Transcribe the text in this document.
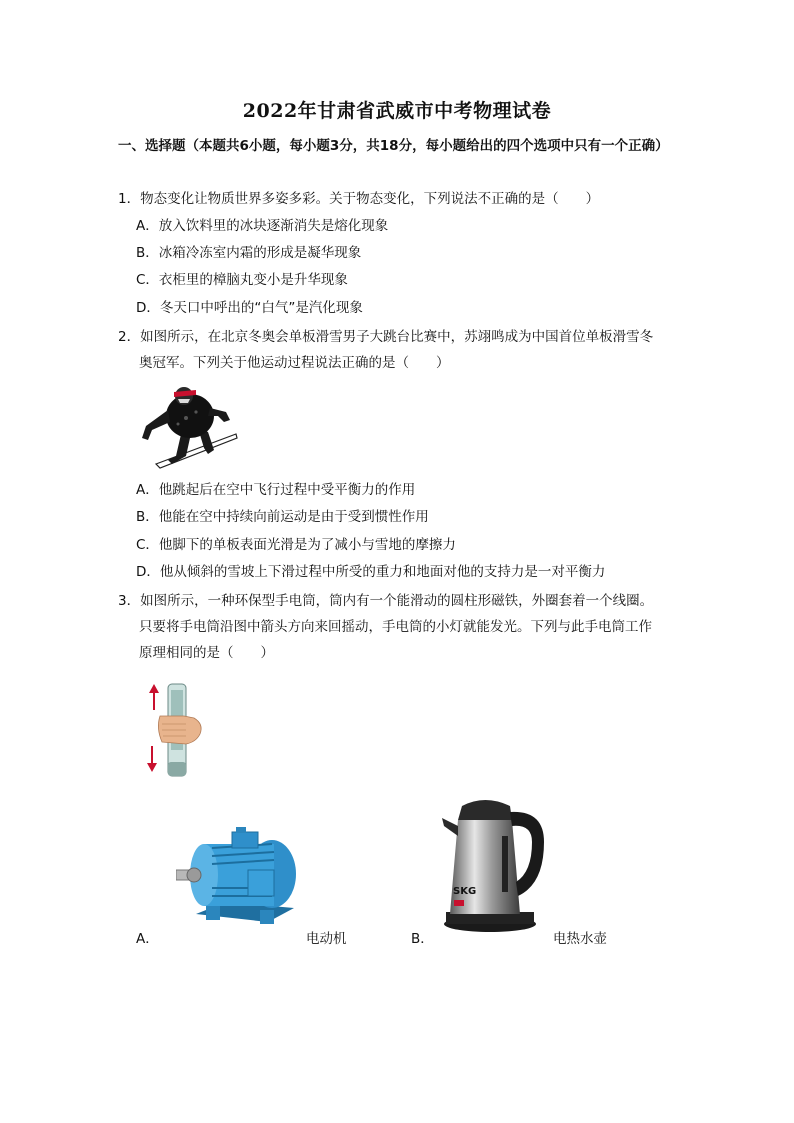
2022年甘肃省武威市中考物理试卷
一、选择题（本题共6小题，每小题3分，共18分，每小题给出的四个选项中只有一个正确）
1．物态变化让物质世界多姿多彩。关于物态变化，下列说法不正确的是（　　）
A．放入饮料里的冰块逐渐消失是熔化现象
B．冰箱冷冻室内霜的形成是凝华现象
C．衣柜里的樟脑丸变小是升华现象
D．冬天口中呼出的“白气”是汽化现象
2．如图所示，在北京冬奥会单板滑雪男子大跳台比赛中，苏翊鸣成为中国首位单板滑雪冬
奥冠军。下列关于他运动过程说法正确的是（　　）
A．他跳起后在空中飞行过程中受平衡力的作用
B．他能在空中持续向前运动是由于受到惯性作用
C．他脚下的单板表面光滑是为了减小与雪地的摩擦力
D．他从倾斜的雪坡上下滑过程中所受的重力和地面对他的支持力是一对平衡力
3．如图所示，一种环保型手电筒，筒内有一个能滑动的圆柱形磁铁，外圈套着一个线圈。
只要将手电筒沿图中箭头方向来回摇动，手电筒的小灯就能发光。下列与此手电筒工作
原理相同的是（　　）
A．	电动机
SKG
B．	电热水壶
